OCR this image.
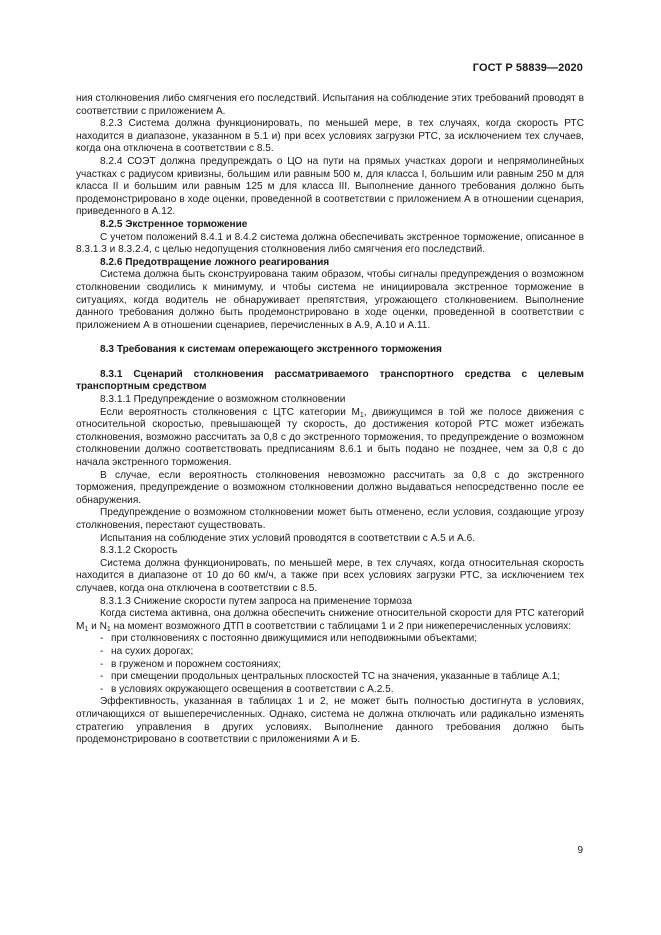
ГОСТ Р 58839—2020

ния столкновения либо смягчения его последствий. Испытания на соблюдение этих требований проводят в соответствии с приложением А.

8.2.3 Система должна функционировать, по меньшей мере, в тех случаях, когда скорость РТС находится в диапазоне, указанном в 5.1 и) при всех условиях загрузки РТС, за исключением тех случаев, когда она отключена в соответствии с 8.5.

8.2.4 СОЭТ должна предупреждать о ЦО на пути на прямых участках дороги и непрямолинейных участках с радиусом кривизны, большим или равным 500 м, для класса I, большим или равным 250 м для класса II и большим или равным 125 м для класса III. Выполнение данного требования должно быть продемонстрировано в ходе оценки, проведенной в соответствии с приложением А в отношении сценария, приведенного в А.12.

8.2.5 Экстренное торможение

С учетом положений 8.4.1 и 8.4.2 система должна обеспечивать экстренное торможение, описанное в 8.3.1.3 и 8.3.2.4, с целью недопущения столкновения либо смягчения его последствий.

8.2.6 Предотвращение ложного реагирования

Система должна быть сконструирована таким образом, чтобы сигналы предупреждения о возможном столкновении сводились к минимуму, и чтобы система не инициировала экстренное торможение в ситуациях, когда водитель не обнаруживает препятствия, угрожающего столкновением. Выполнение данного требования должно быть продемонстрировано в ходе оценки, проведенной в соответствии с приложением А в отношении сценариев, перечисленных в А.9, А.10 и А.11.

8.3 Требования к системам опережающего экстренного торможения

8.3.1 Сценарий столкновения рассматриваемого транспортного средства с целевым транспортным средством

8.3.1.1 Предупреждение о возможном столкновении

Если вероятность столкновения с ЦТС категории $М_1$, движущимся в той же полосе движения с относительной скоростью, превышающей ту скорость, до достижения которой РТС может избежать столкновения, возможно рассчитать за 0,8 с до экстренного торможения, то предупреждение о возможном столкновении должно соответствовать предписаниям 8.6.1 и быть подано не позднее, чем за 0,8 с до начала экстренного торможения.

В случае, если вероятность столкновения невозможно рассчитать за 0,8 с до экстренного торможения, предупреждение о возможном столкновении должно выдаваться непосредственно после ее обнаружения.

Предупреждение о возможном столкновении может быть отменено, если условия, создающие угрозу столкновения, перестают существовать.

Испытания на соблюдение этих условий проводятся в соответствии с А.5 и А.6.

8.3.1.2 Скорость

Система должна функционировать, по меньшей мере, в тех случаях, когда относительная скорость находится в диапазоне от 10 до 60 км/ч, а также при всех условиях загрузки РТС, за исключением тех случаев, когда она отключена в соответствии с 8.5.

8.3.1.3 Снижение скорости путем запроса на применение тормоза

Когда система активна, она должна обеспечить снижение относительной скорости для РТС категорий $М_1$ и $N_1$ на момент возможного ДТП в соответствии с таблицами 1 и 2 при нижеперечисленных условиях:

- при столкновениях с постоянно движущимися или неподвижными объектами;

- на сухих дорогах;

- в груженом и порожнем состояниях;

- при смещении продольных центральных плоскостей ТС на значения, указанные в таблице А.1;

- в условиях окружающего освещения в соответствии с А.2.5.

Эффективность, указанная в таблицах 1 и 2, не может быть полностью достигнута в условиях, отличающихся от вышеперечисленных. Однако, система не должна отключать или радикально изменять стратегию управления в других условиях. Выполнение данного требования должно быть продемонстрировано в соответствии с приложениями А и Б.

9
